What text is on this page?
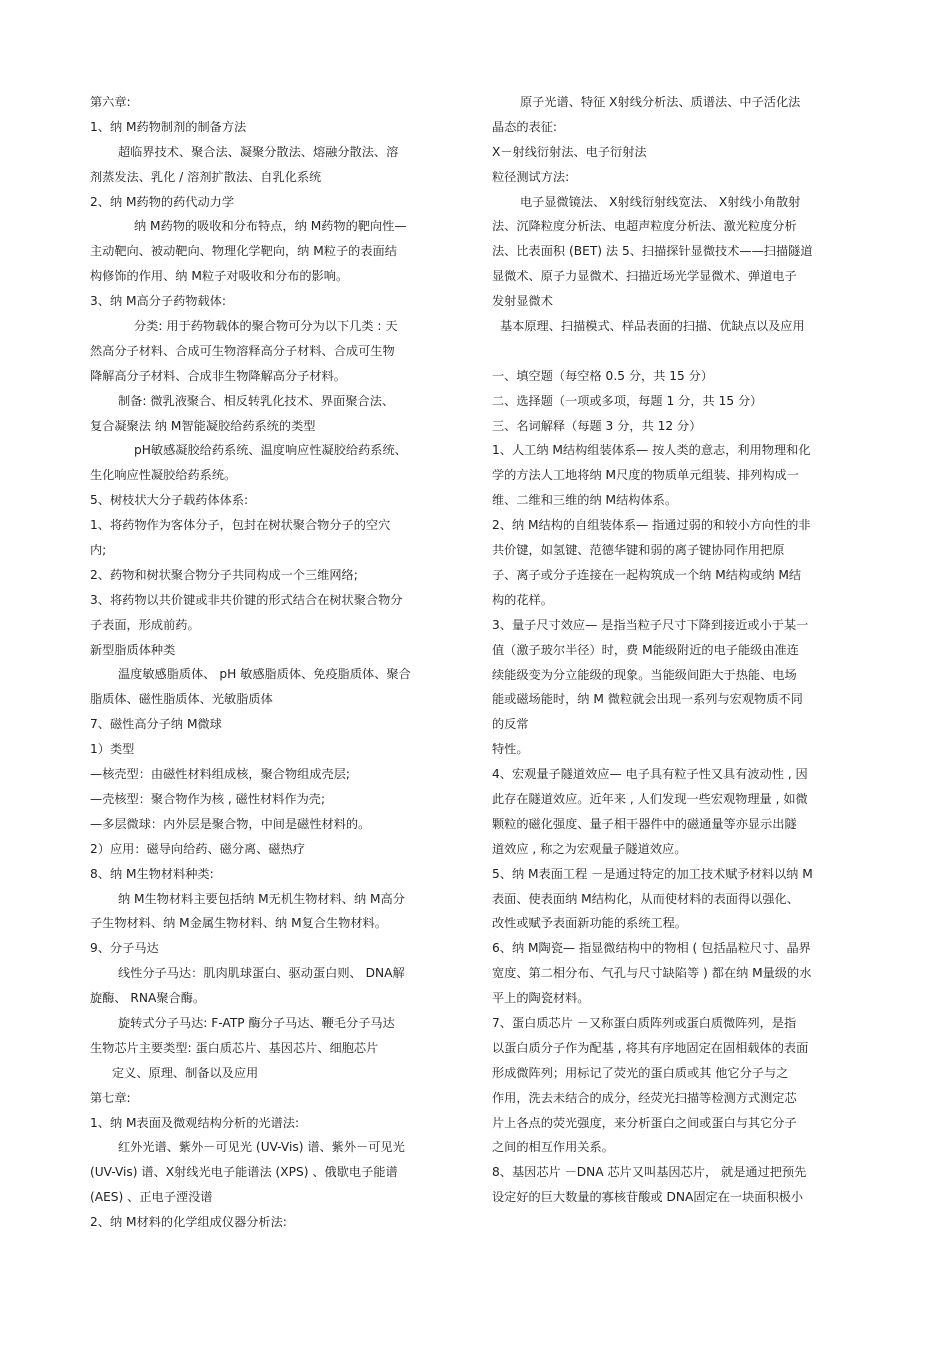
第六章:
1、纳 M药物制剂的制备方法
超临界技术、聚合法、凝聚分散法、熔融分散法、溶
剂蒸发法、乳化 / 溶剂扩散法、自乳化系统
2、纳 M药物的药代动力学
纳 M药物的吸收和分布特点，纳 M药物的靶向性—
主动靶向、被动靶向、物理化学靶向，纳 M粒子的表面结
构修饰的作用、纳 M粒子对吸收和分布的影响。
3、纳 M高分子药物载体:
分类: 用于药物载体的聚合物可分为以下几类 : 天
然高分子材料、合成可生物溶释高分子材料、合成可生物
降解高分子材料、合成非生物降解高分子材料。
制备: 微乳液聚合、相反转乳化技术、界面聚合法、
复合凝聚法 纳 M智能凝胶给药系统的类型
pH敏感凝胶给药系统、温度响应性凝胶给药系统、
生化响应性凝胶给药系统。
5、树枝状大分子载药体体系:
1、将药物作为客体分子，包封在树状聚合物分子的空穴
内;
2、药物和树状聚合物分子共同构成一个三维网络;
3、将药物以共价键或非共价键的形式结合在树状聚合物分
子表面，形成前药。
新型脂质体种类
温度敏感脂质体、 pH 敏感脂质体、免疫脂质体、聚合
脂质体、磁性脂质体、光敏脂质体
7、磁性高分子纳 M微球
1）类型
—核壳型：由磁性材料组成核，聚合物组成壳层;
—壳核型：聚合物作为核 , 磁性材料作为壳;
—多层微球：内外层是聚合物，中间是磁性材料的。
2）应用：磁导向给药、磁分离、磁热疗
8、纳 M生物材料种类:
纳 M生物材料主要包括纳 M无机生物材料、纳 M高分
子生物材料、纳 M金属生物材料、纳 M复合生物材料。
9、分子马达
线性分子马达：肌肉肌球蛋白、驱动蛋白则、 DNA解
旋酶、 RNA聚合酶。
旋转式分子马达: F-ATP 酶分子马达、鞭毛分子马达
生物芯片主要类型: 蛋白质芯片、基因芯片、细胞芯片
定义、原理、制备以及应用
第七章:
1、纳 M表面及微观结构分析的光谱法:
红外光谱、紫外－可见光 (UV-Vis) 谱、紫外－可见光
(UV-Vis) 谱、X射线光电子能谱法 (XPS) 、俄歇电子能谱
(AES) 、正电子湮没谱
2、纳 M材料的化学组成仪器分析法:
原子光谱、特征 X射线分析法、质谱法、中子活化法
晶态的表征:
X－射线衍射法、电子衍射法
粒径测试方法:
电子显微镜法、 X射线衍射线宽法、 X射线小角散射
法、沉降粒度分析法、电超声粒度分析法、激光粒度分析
法、比表面积 (BET) 法 5、扫描探针显微技术——扫描隧道
显微术、原子力显微术、扫描近场光学显微术、弹道电子
发射显微术
基本原理、扫描模式、样品表面的扫描、优缺点以及应用
一、填空题（每空格 0.5 分，共 15 分）
二、选择题（一项或多项，每题 1 分，共 15 分）
三、名词解释（每题 3 分，共 12 分）
1、人工纳 M结构组装体系— 按人类的意志，利用物理和化
学的方法人工地将纳 M尺度的物质单元组装、排列构成一
维、二维和三维的纳 M结构体系。
2、纳 M结构的自组装体系— 指通过弱的和较小方向性的非
共价键，如氢键、范德华键和弱的离子键协同作用把原
子、离子或分子连接在一起构筑成一个纳 M结构或纳 M结
构的花样。
3、量子尺寸效应— 是指当粒子尺寸下降到接近或小于某一
值（激子玻尔半径）时，费 M能级附近的电子能级由准连
续能级变为分立能级的现象。当能级间距大于热能、电场
能或磁场能时，纳 M 微粒就会出现一系列与宏观物质不同
的反常
特性。
4、宏观量子隧道效应— 电子具有粒子性又具有波动性 , 因
此存在隧道效应。近年来 , 人们发现一些宏观物理量 , 如微
颗粒的磁化强度、量子相干器件中的磁通量等亦显示出隧
道效应 , 称之为宏观量子隧道效应。
5、纳 M表面工程 －是通过特定的加工技术赋予材料以纳 M
表面、使表面纳 M结构化，从而使材料的表面得以强化、
改性或赋予表面新功能的系统工程。
6、纳 M陶瓷— 指显微结构中的物相 ( 包括晶粒尺寸、晶界
宽度、第二相分布、气孔与尺寸缺陷等 ) 都在纳 M量级的水
平上的陶瓷材料。
7、蛋白质芯片 －又称蛋白质阵列或蛋白质微阵列，是指
以蛋白质分子作为配基 , 将其有序地固定在固相载体的表面
形成微阵列；用标记了荧光的蛋白质或其 他它分子与之
作用，洗去未结合的成分，经荧光扫描等检测方式测定芯
片上各点的荧光强度，来分析蛋白之间或蛋白与其它分子
之间的相互作用关系。
8、基因芯片 －DNA 芯片又叫基因芯片， 就是通过把预先
设定好的巨大数量的寡核苷酸或 DNA固定在一块面积极小
